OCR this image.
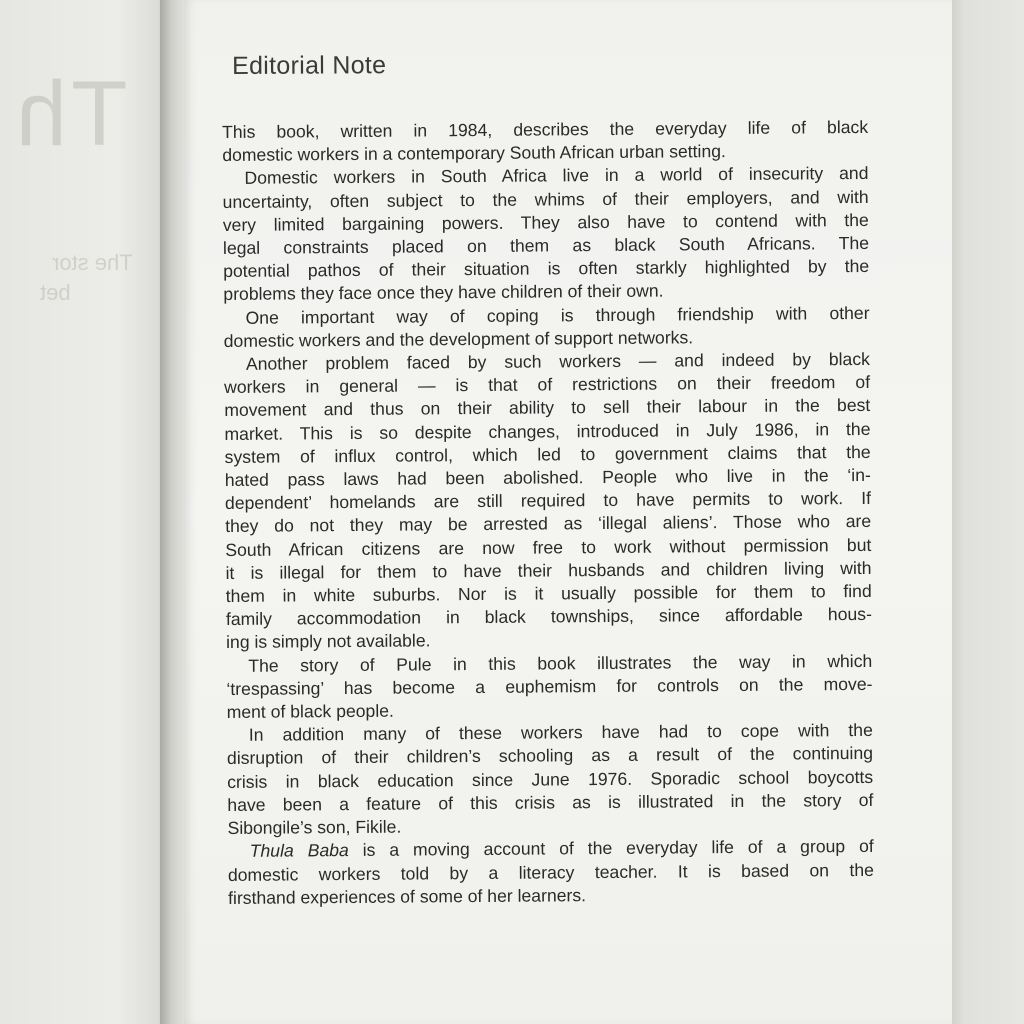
Th
The stor
bet
Editorial Note
This book, written in 1984, describes the everyday life of black
domestic workers in a contemporary South African urban setting.
Domestic workers in South Africa live in a world of insecurity and
uncertainty, often subject to the whims of their employers, and with
very limited bargaining powers. They also have to contend with the
legal constraints placed on them as black South Africans. The
potential pathos of their situation is often starkly highlighted by the
problems they face once they have children of their own.
One important way of coping is through friendship with other
domestic workers and the development of support networks.
Another problem faced by such workers — and indeed by black
workers in general — is that of restrictions on their freedom of
movement and thus on their ability to sell their labour in the best
market. This is so despite changes, introduced in July 1986, in the
system of influx control, which led to government claims that the
hated pass laws had been abolished. People who live in the ‘in-
dependent’ homelands are still required to have permits to work. If
they do not they may be arrested as ‘illegal aliens’. Those who are
South African citizens are now free to work without permission but
it is illegal for them to have their husbands and children living with
them in white suburbs. Nor is it usually possible for them to find
family accommodation in black townships, since affordable hous-
ing is simply not available.
The story of Pule in this book illustrates the way in which
‘trespassing’ has become a euphemism for controls on the move-
ment of black people.
In addition many of these workers have had to cope with the
disruption of their children’s schooling as a result of the continuing
crisis in black education since June 1976. Sporadic school boycotts
have been a feature of this crisis as is illustrated in the story of
Sibongile’s son, Fikile.
Thula Baba is a moving account of the everyday life of a group of
domestic workers told by a literacy teacher. It is based on the
firsthand experiences of some of her learners.
